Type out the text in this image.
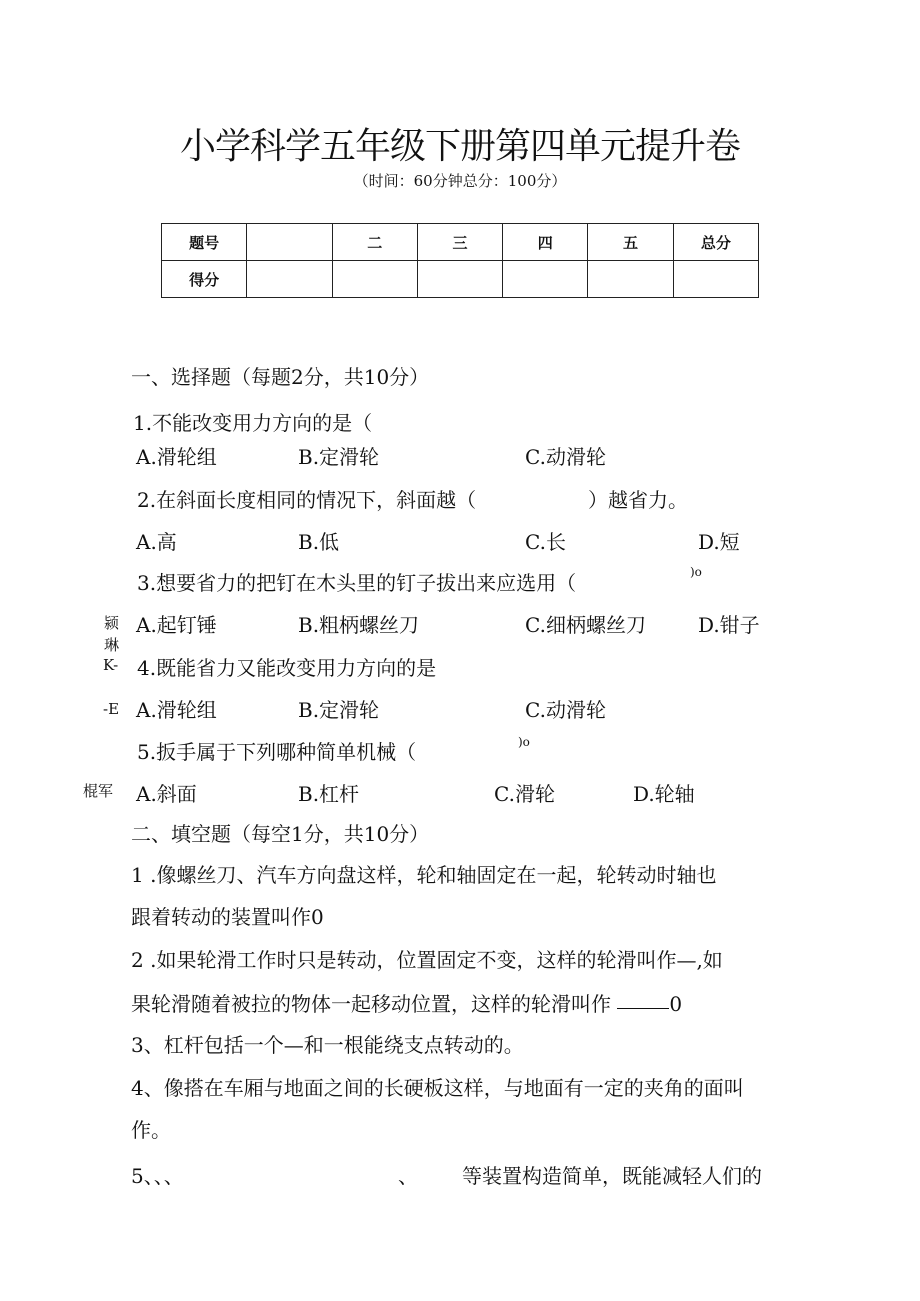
小学科学五年级下册第四单元提升卷
（时间：60分钟总分：100分）
题号		二	三	四	五	总分
得分						
一、选择题（每题2分，共10分）
1.不能改变用力方向的是（
A.滑轮组	B.定滑轮	C.动滑轮
2.在斜面长度相同的情况下，斜面越（	）越省力。
A.高	B.低	C.长	D.短
3.想要省力的把钉在木头里的钉子拔出来应选用（	)o
A.起钉锤	B.粗柄螺丝刀	C.细柄螺丝刀	D.钳子
4.既能省力又能改变用力方向的是
A.滑轮组	B.定滑轮	C.动滑轮
5.扳手属于下列哪种简单机械（	)o
A.斜面	B.杠杆	C.滑轮	D.轮轴
颍
琳
K-
-E
棍军
二、填空题（每空1分，共10分）
1 .像螺丝刀、汽车方向盘这样，轮和轴固定在一起，轮转动时轴也
跟着转动的装置叫作0
2 .如果轮滑工作时只是转动，位置固定不变，这样的轮滑叫作—,如
果轮滑随着被拉的物体一起移动位置，这样的轮滑叫作	0
3、杠杆包括一个—和一根能绕支点转动的。
4、像搭在车厢与地面之间的长硬板这样，与地面有一定的夹角的面叫
作。
5、、、	、 等装置构造简单，既能减轻人们的
